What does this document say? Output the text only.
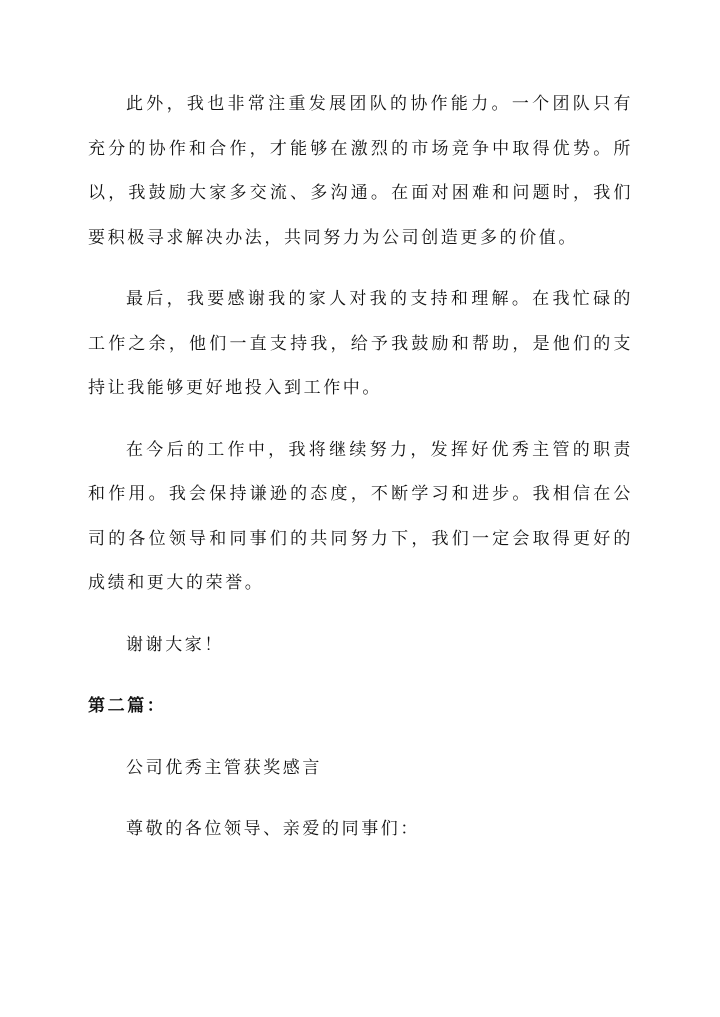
此外，我也非常注重发展团队的协作能力。一个团队只有充分的协作和合作，才能够在激烈的市场竞争中取得优势。所以，我鼓励大家多交流、多沟通。在面对困难和问题时，我们要积极寻求解决办法，共同努力为公司创造更多的价值。

最后，我要感谢我的家人对我的支持和理解。在我忙碌的工作之余，他们一直支持我，给予我鼓励和帮助，是他们的支持让我能够更好地投入到工作中。

在今后的工作中，我将继续努力，发挥好优秀主管的职责和作用。我会保持谦逊的态度，不断学习和进步。我相信在公司的各位领导和同事们的共同努力下，我们一定会取得更好的成绩和更大的荣誉。

谢谢大家！

第二篇：

公司优秀主管获奖感言

尊敬的各位领导、亲爱的同事们：
